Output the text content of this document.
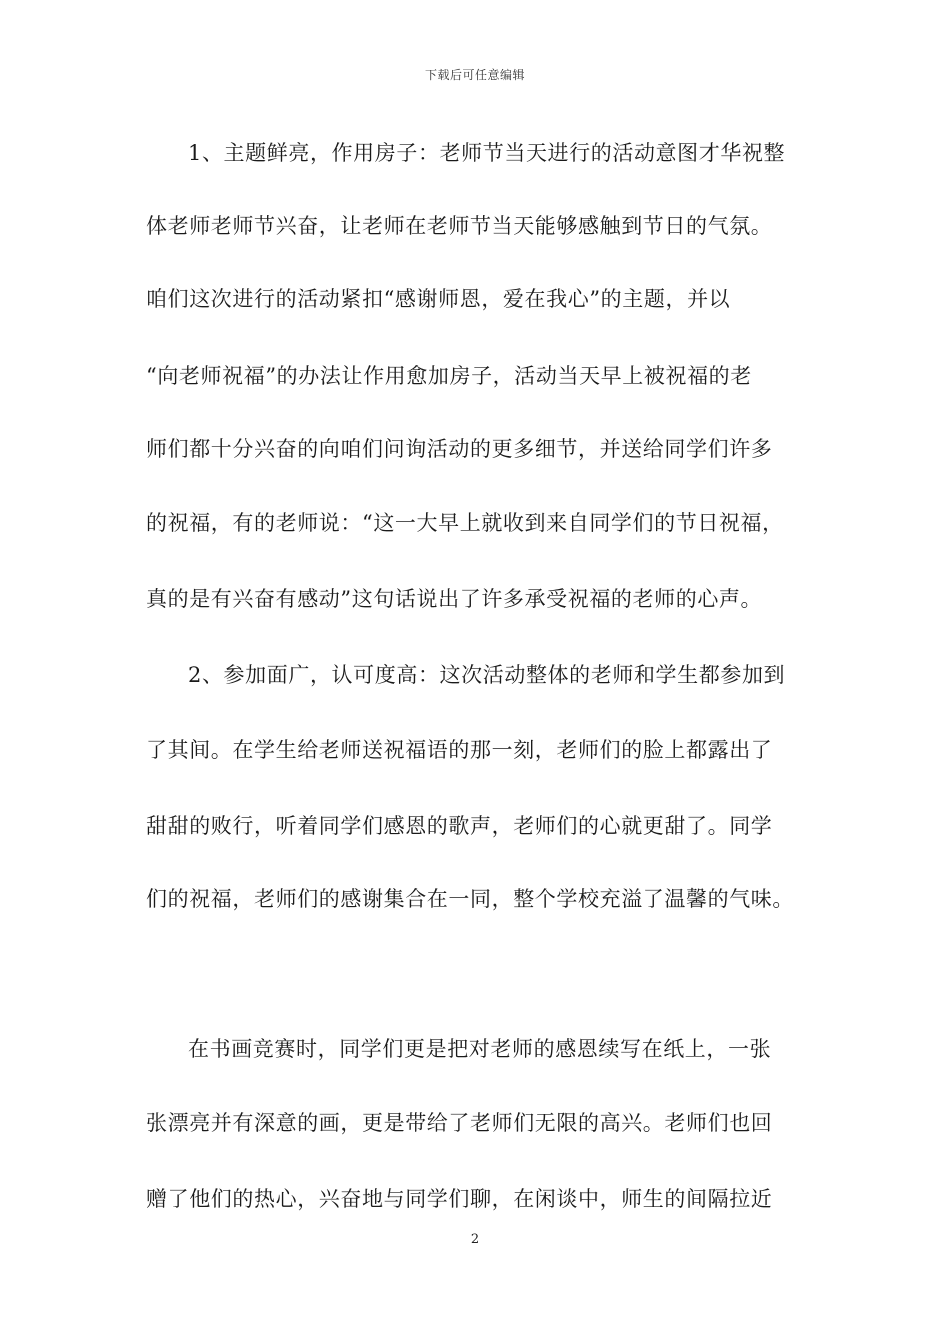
下载后可任意编辑
1、主题鲜亮，作用房子：老师节当天进行的活动意图才华祝整
体老师老师节兴奋，让老师在老师节当天能够感触到节日的气氛。
咱们这次进行的活动紧扣“感谢师恩，爱在我心”的主题，并以
“向老师祝福”的办法让作用愈加房子，活动当天早上被祝福的老
师们都十分兴奋的向咱们问询活动的更多细节，并送给同学们许多
的祝福，有的老师说：“这一大早上就收到来自同学们的节日祝福，
真的是有兴奋有感动”这句话说出了许多承受祝福的老师的心声。
2、参加面广，认可度高：这次活动整体的老师和学生都参加到
了其间。在学生给老师送祝福语的那一刻，老师们的脸上都露出了
甜甜的败行，听着同学们感恩的歌声，老师们的心就更甜了。同学
们的祝福，老师们的感谢集合在一同，整个学校充溢了温馨的气味。
在书画竞赛时，同学们更是把对老师的感恩续写在纸上，一张
张漂亮并有深意的画，更是带给了老师们无限的高兴。老师们也回
赠了他们的热心，兴奋地与同学们聊，在闲谈中，师生的间隔拉近
2
